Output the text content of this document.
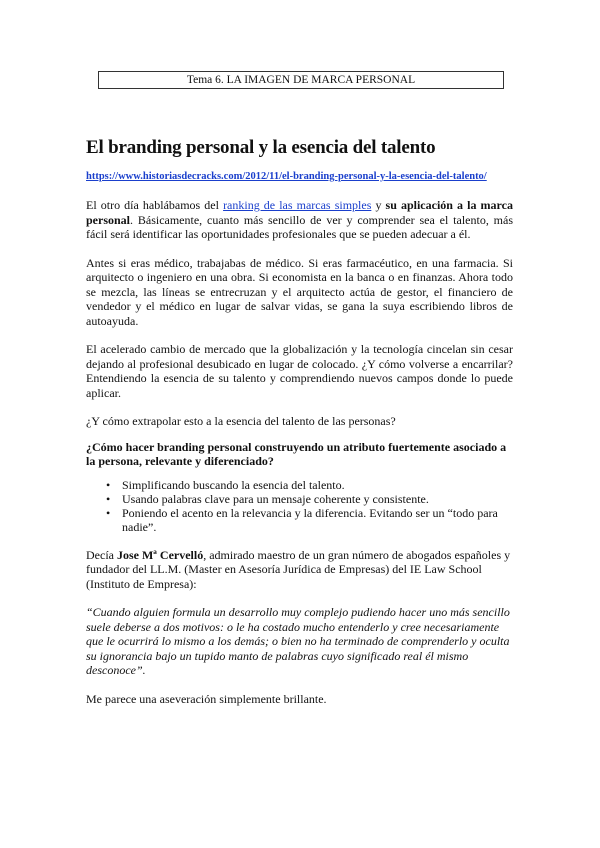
Tema 6. LA IMAGEN DE MARCA PERSONAL
El branding personal y la esencia del talento
https://www.historiasdecracks.com/2012/11/el-branding-personal-y-la-esencia-del-talento/

El otro día hablábamos del ranking de las marcas simples y su aplicación a la marca personal. Básicamente, cuanto más sencillo de ver y comprender sea el talento, más fácil será identificar las oportunidades profesionales que se pueden adecuar a él.

Antes si eras médico, trabajabas de médico. Si eras farmacéutico, en una farmacia. Si arquitecto o ingeniero en una obra. Si economista en la banca o en finanzas. Ahora todo se mezcla, las líneas se entrecruzan y el arquitecto actúa de gestor, el financiero de vendedor y el médico en lugar de salvar vidas, se gana la suya escribiendo libros de autoayuda.

El acelerado cambio de mercado que la globalización y la tecnología cincelan sin cesar dejando al profesional desubicado en lugar de colocado. ¿Y cómo volverse a encarrilar? Entendiendo la esencia de su talento y comprendiendo nuevos campos donde lo puede aplicar.

¿Y cómo extrapolar esto a la esencia del talento de las personas?

¿Cómo hacer branding personal construyendo un atributo fuertemente asociado a la persona, relevante y diferenciado?

• Simplificando buscando la esencia del talento.
• Usando palabras clave para un mensaje coherente y consistente.
• Poniendo el acento en la relevancia y la diferencia. Evitando ser un “todo para nadie”.

Decía Jose Mª Cervelló, admirado maestro de un gran número de abogados españoles y fundador del LL.M. (Master en Asesoría Jurídica de Empresas) del IE Law School (Instituto de Empresa):

“Cuando alguien formula un desarrollo muy complejo pudiendo hacer uno más sencillo suele deberse a dos motivos: o le ha costado mucho entenderlo y cree necesariamente que le ocurrirá lo mismo a los demás; o bien no ha terminado de comprenderlo y oculta su ignorancia bajo un tupido manto de palabras cuyo significado real él mismo desconoce”.

Me parece una aseveración simplemente brillante.
